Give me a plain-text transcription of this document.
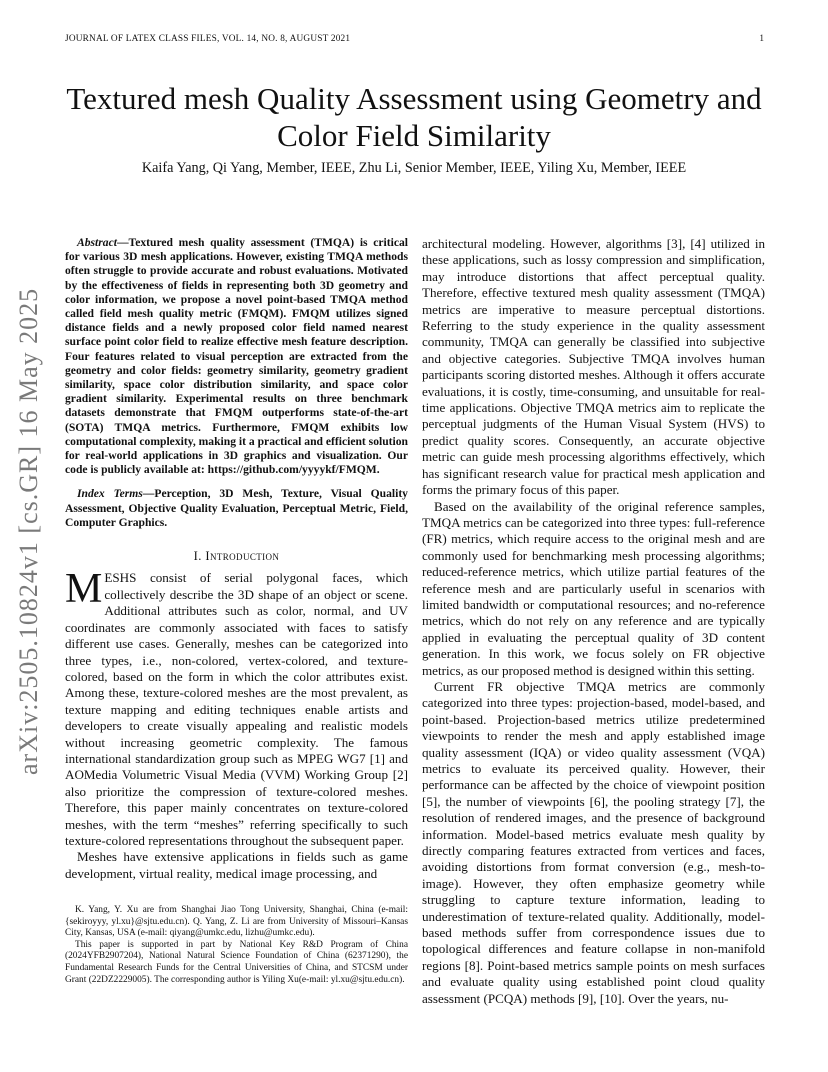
JOURNAL OF LATEX CLASS FILES, VOL. 14, NO. 8, AUGUST 2021	1
arXiv:2505.10824v1 [cs.GR] 16 May 2025
Textured mesh Quality Assessment using Geometry and Color Field Similarity
Kaifa Yang, Qi Yang, Member, IEEE, Zhu Li, Senior Member, IEEE, Yiling Xu, Member, IEEE

Abstract—Textured mesh quality assessment (TMQA) is critical for various 3D mesh applications. However, existing TMQA methods often struggle to provide accurate and robust evaluations. Motivated by the effectiveness of fields in representing both 3D geometry and color information, we propose a novel point-based TMQA method called field mesh quality metric (FMQM). FMQM utilizes signed distance fields and a newly proposed color field named nearest surface point color field to realize effective mesh feature description. Four features related to visual perception are extracted from the geometry and color fields: geometry similarity, geometry gradient similarity, space color distribution similarity, and space color gradient similarity. Experimental results on three benchmark datasets demonstrate that FMQM outperforms state-of-the-art (SOTA) TMQA metrics. Furthermore, FMQM exhibits low computational complexity, making it a practical and efficient solution for real-world applications in 3D graphics and visualization. Our code is publicly available at: https://github.com/yyyykf/FMQM.

Index Terms—Perception, 3D Mesh, Texture, Visual Quality Assessment, Objective Quality Evaluation, Perceptual Metric, Field, Computer Graphics.

I. Introduction

MESHS consist of serial polygonal faces, which collectively describe the 3D shape of an object or scene. Additional attributes such as color, normal, and UV coordinates are commonly associated with faces to satisfy different use cases. Generally, meshes can be categorized into three types, i.e., non-colored, vertex-colored, and texture-colored, based on the form in which the color attributes exist. Among these, texture-colored meshes are the most prevalent, as texture mapping and editing techniques enable artists and developers to create visually appealing and realistic models without increasing geometric complexity. The famous international standardization group such as MPEG WG7 [1] and AOMedia Volumetric Visual Media (VVM) Working Group [2] also prioritize the compression of texture-colored meshes. Therefore, this paper mainly concentrates on texture-colored meshes, with the term “meshes” referring specifically to such texture-colored representations throughout the subsequent paper.

Meshes have extensive applications in fields such as game development, virtual reality, medical image processing, and

K. Yang, Y. Xu are from Shanghai Jiao Tong University, Shanghai, China (e-mail: {sekiroyyy, yl.xu}@sjtu.edu.cn). Q. Yang, Z. Li are from University of Missouri–Kansas City, Kansas, USA (e-mail: qiyang@umkc.edu, lizhu@umkc.edu).

This paper is supported in part by National Key R&D Program of China (2024YFB2907204), National Natural Science Foundation of China (62371290), the Fundamental Research Funds for the Central Universities of China, and STCSM under Grant (22DZ2229005). The corresponding author is Yiling Xu(e-mail: yl.xu@sjtu.edu.cn).

architectural modeling. However, algorithms [3], [4] utilized in these applications, such as lossy compression and simplification, may introduce distortions that affect perceptual quality. Therefore, effective textured mesh quality assessment (TMQA) metrics are imperative to measure perceptual distortions. Referring to the study experience in the quality assessment community, TMQA can generally be classified into subjective and objective categories. Subjective TMQA involves human participants scoring distorted meshes. Although it offers accurate evaluations, it is costly, time-consuming, and unsuitable for real-time applications. Objective TMQA metrics aim to replicate the perceptual judgments of the Human Visual System (HVS) to predict quality scores. Consequently, an accurate objective metric can guide mesh processing algorithms effectively, which has significant research value for practical mesh application and forms the primary focus of this paper.

Based on the availability of the original reference samples, TMQA metrics can be categorized into three types: full-reference (FR) metrics, which require access to the original mesh and are commonly used for benchmarking mesh processing algorithms; reduced-reference metrics, which utilize partial features of the reference mesh and are particularly useful in scenarios with limited bandwidth or computational resources; and no-reference metrics, which do not rely on any reference and are typically applied in evaluating the perceptual quality of 3D content generation. In this work, we focus solely on FR objective metrics, as our proposed method is designed within this setting.

Current FR objective TMQA metrics are commonly categorized into three types: projection-based, model-based, and point-based. Projection-based metrics utilize predetermined viewpoints to render the mesh and apply established image quality assessment (IQA) or video quality assessment (VQA) metrics to evaluate its perceived quality. However, their performance can be affected by the choice of viewpoint position [5], the number of viewpoints [6], the pooling strategy [7], the resolution of rendered images, and the presence of background information. Model-based metrics evaluate mesh quality by directly comparing features extracted from vertices and faces, avoiding distortions from format conversion (e.g., mesh-to-image). However, they often emphasize geometry while struggling to capture texture information, leading to underestimation of texture-related quality. Additionally, model-based methods suffer from correspondence issues due to topological differences and feature collapse in non-manifold regions [8]. Point-based metrics sample points on mesh surfaces and evaluate quality using established point cloud quality assessment (PCQA) methods [9], [10]. Over the years, nu-
